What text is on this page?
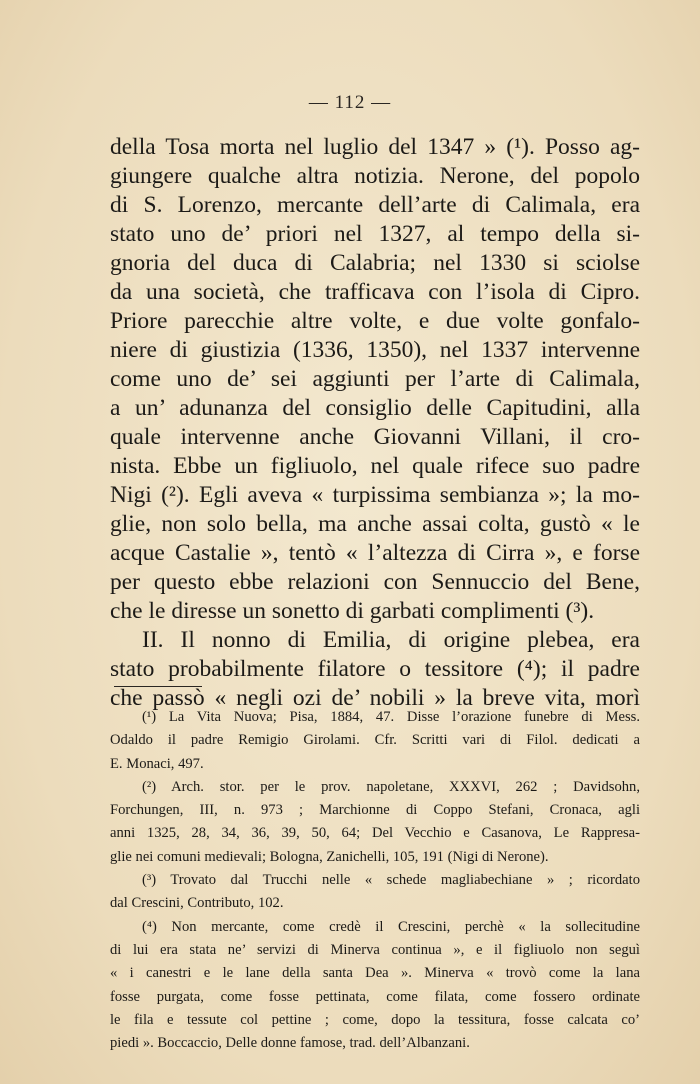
— 112 —
della Tosa morta nel luglio del 1347 » (¹). Posso ag-
giungere qualche altra notizia. Nerone, del popolo
di S. Lorenzo, mercante dell’arte di Calimala, era
stato uno de’ priori nel 1327, al tempo della si-
gnoria del duca di Calabria; nel 1330 si sciolse
da una società, che trafficava con l’isola di Cipro.
Priore parecchie altre volte, e due volte gonfalo-
niere di giustizia (1336, 1350), nel 1337 intervenne
come uno de’ sei aggiunti per l’arte di Calimala,
a un’ adunanza del consiglio delle Capitudini, alla
quale intervenne anche Giovanni Villani, il cro-
nista. Ebbe un figliuolo, nel quale rifece suo padre
Nigi (²). Egli aveva « turpissima sembianza »; la mo-
glie, non solo bella, ma anche assai colta, gustò « le
acque Castalie », tentò « l’altezza di Cirra », e forse
per questo ebbe relazioni con Sennuccio del Bene,
che le diresse un sonetto di garbati complimenti (³).
II. Il nonno di Emilia, di origine plebea, era
stato probabilmente filatore o tessitore (⁴); il padre
che passò « negli ozi de’ nobili » la breve vita, morì
(¹) La Vita Nuova; Pisa, 1884, 47. Disse l’orazione funebre di Mess.
Odaldo il padre Remigio Girolami. Cfr. Scritti vari di Filol. dedicati a
E. Monaci, 497.
(²) Arch. stor. per le prov. napoletane, XXXVI, 262 ; Davidsohn,
Forchungen, III, n. 973 ; Marchionne di Coppo Stefani, Cronaca, agli
anni 1325, 28, 34, 36, 39, 50, 64; Del Vecchio e Casanova, Le Rappresa-
glie nei comuni medievali; Bologna, Zanichelli, 105, 191 (Nigi di Nerone).
(³) Trovato dal Trucchi nelle « schede magliabechiane » ; ricordato
dal Crescini, Contributo, 102.
(⁴) Non mercante, come credè il Crescini, perchè « la sollecitudine
di lui era stata ne’ servizi di Minerva continua », e il figliuolo non seguì
« i canestri e le lane della santa Dea ». Minerva « trovò come la lana
fosse purgata, come fosse pettinata, come filata, come fossero ordinate
le fila e tessute col pettine ; come, dopo la tessitura, fosse calcata co’
piedi ». Boccaccio, Delle donne famose, trad. dell’Albanzani.
